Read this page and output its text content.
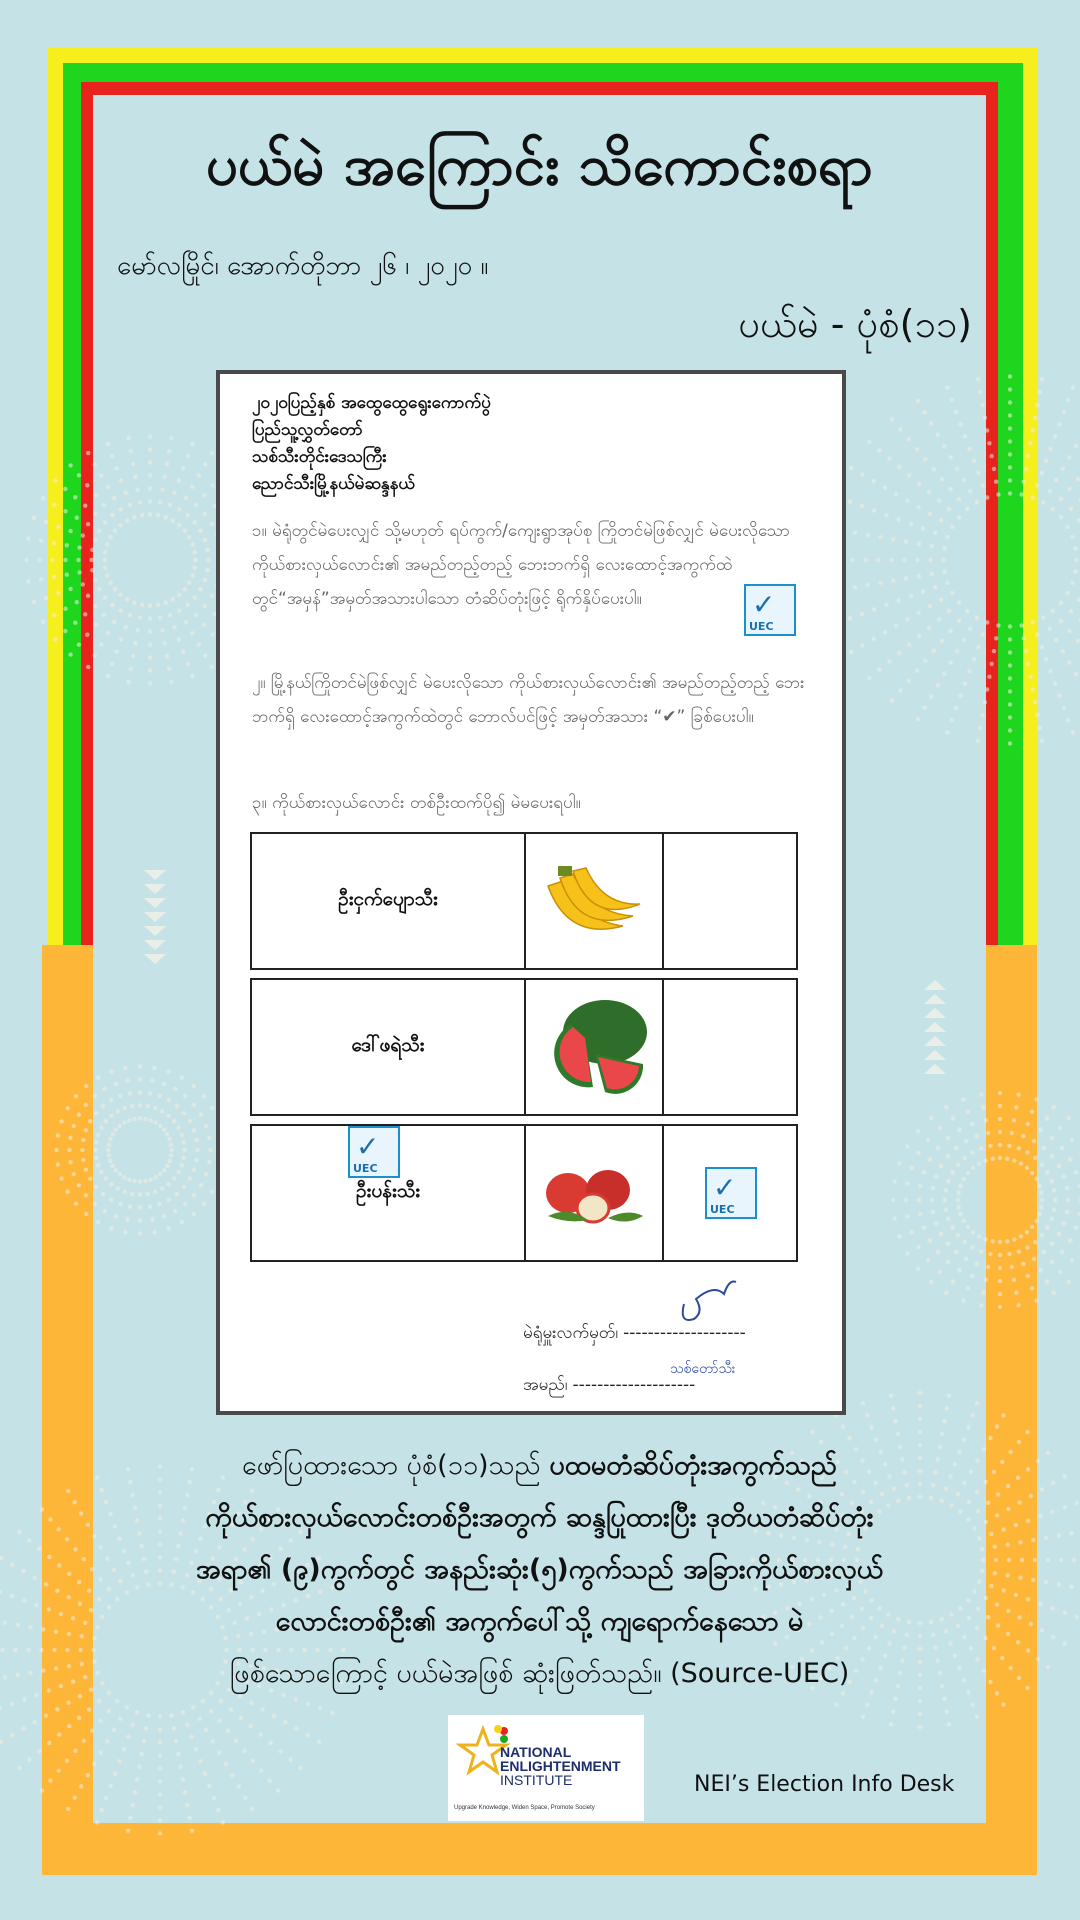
ပယ်မဲ အကြောင်း သိကောင်းစရာ
မော်လမြိုင်၊ အောက်တိုဘာ ၂၆ ၊ ၂၀၂၀ ။
ပယ်မဲ - ပုံစံ(၁၁)
၂၀၂၀ပြည့်နှစ် အထွေထွေရွေးကောက်ပွဲ
ပြည်သူ့လွှတ်တော်
သစ်သီးတိုင်းဒေသကြီး
ညောင်သီးမြို့နယ်မဲဆန္ဒနယ်
၁။ မဲရုံတွင်မဲပေးလျှင် သို့မဟုတ် ရပ်ကွက်/ကျေးရွာအုပ်စု ကြိုတင်မဲဖြစ်လျှင် မဲပေးလိုသော ကိုယ်စားလှယ်လောင်း၏ အမည်တည့်တည့် ဘေးဘက်ရှိ လေးထောင့်အကွက်ထဲတွင်“အမှန်”အမှတ်အသားပါသော တံဆိပ်တုံးဖြင့် ရိုက်နှိပ်ပေးပါ။
၂။ မြို့နယ်ကြိုတင်မဲဖြစ်လျှင် မဲပေးလိုသော ကိုယ်စားလှယ်လောင်း၏ အမည်တည့်တည့် ဘေးဘက်ရှိ လေးထောင့်အကွက်ထဲတွင် ဘောလ်ပင်ဖြင့် အမှတ်အသား “✔” ခြစ်ပေးပါ။
၃။ ကိုယ်စားလှယ်လောင်း တစ်ဦးထက်ပို၍ မဲမပေးရပါ။
✓
UEC
ဦးငှက်ပျောသီး
ဒေါ်ဖရဲသီး
✓
UEC
ဦးပန်းသီး	✓
UEC
မဲရုံမှူးလက်မှတ်၊ --------------------
သစ်တော်သီး
အမည်၊ --------------------
ဖော်ပြထားသော ပုံစံ(၁၁)သည် ပထမတံဆိပ်တုံးအကွက်သည်
ကိုယ်စားလှယ်လောင်းတစ်ဦးအတွက် ဆန္ဒပြုထားပြီး ဒုတိယတံဆိပ်တုံး
အရာ၏ (၉)ကွက်တွင် အနည်းဆုံး(၅)ကွက်သည် အခြားကိုယ်စားလှယ်
လောင်းတစ်ဦး၏ အကွက်ပေါ်သို့ ကျရောက်နေသော မဲ
ဖြစ်သောကြောင့် ပယ်မဲအဖြစ် ဆုံးဖြတ်သည်။ (Source-UEC)
NATIONAL
ENLIGHTENMENT
INSTITUTE
Upgrade Knowledge, Widen Space, Promote Society
NEI’s Election Info Desk
